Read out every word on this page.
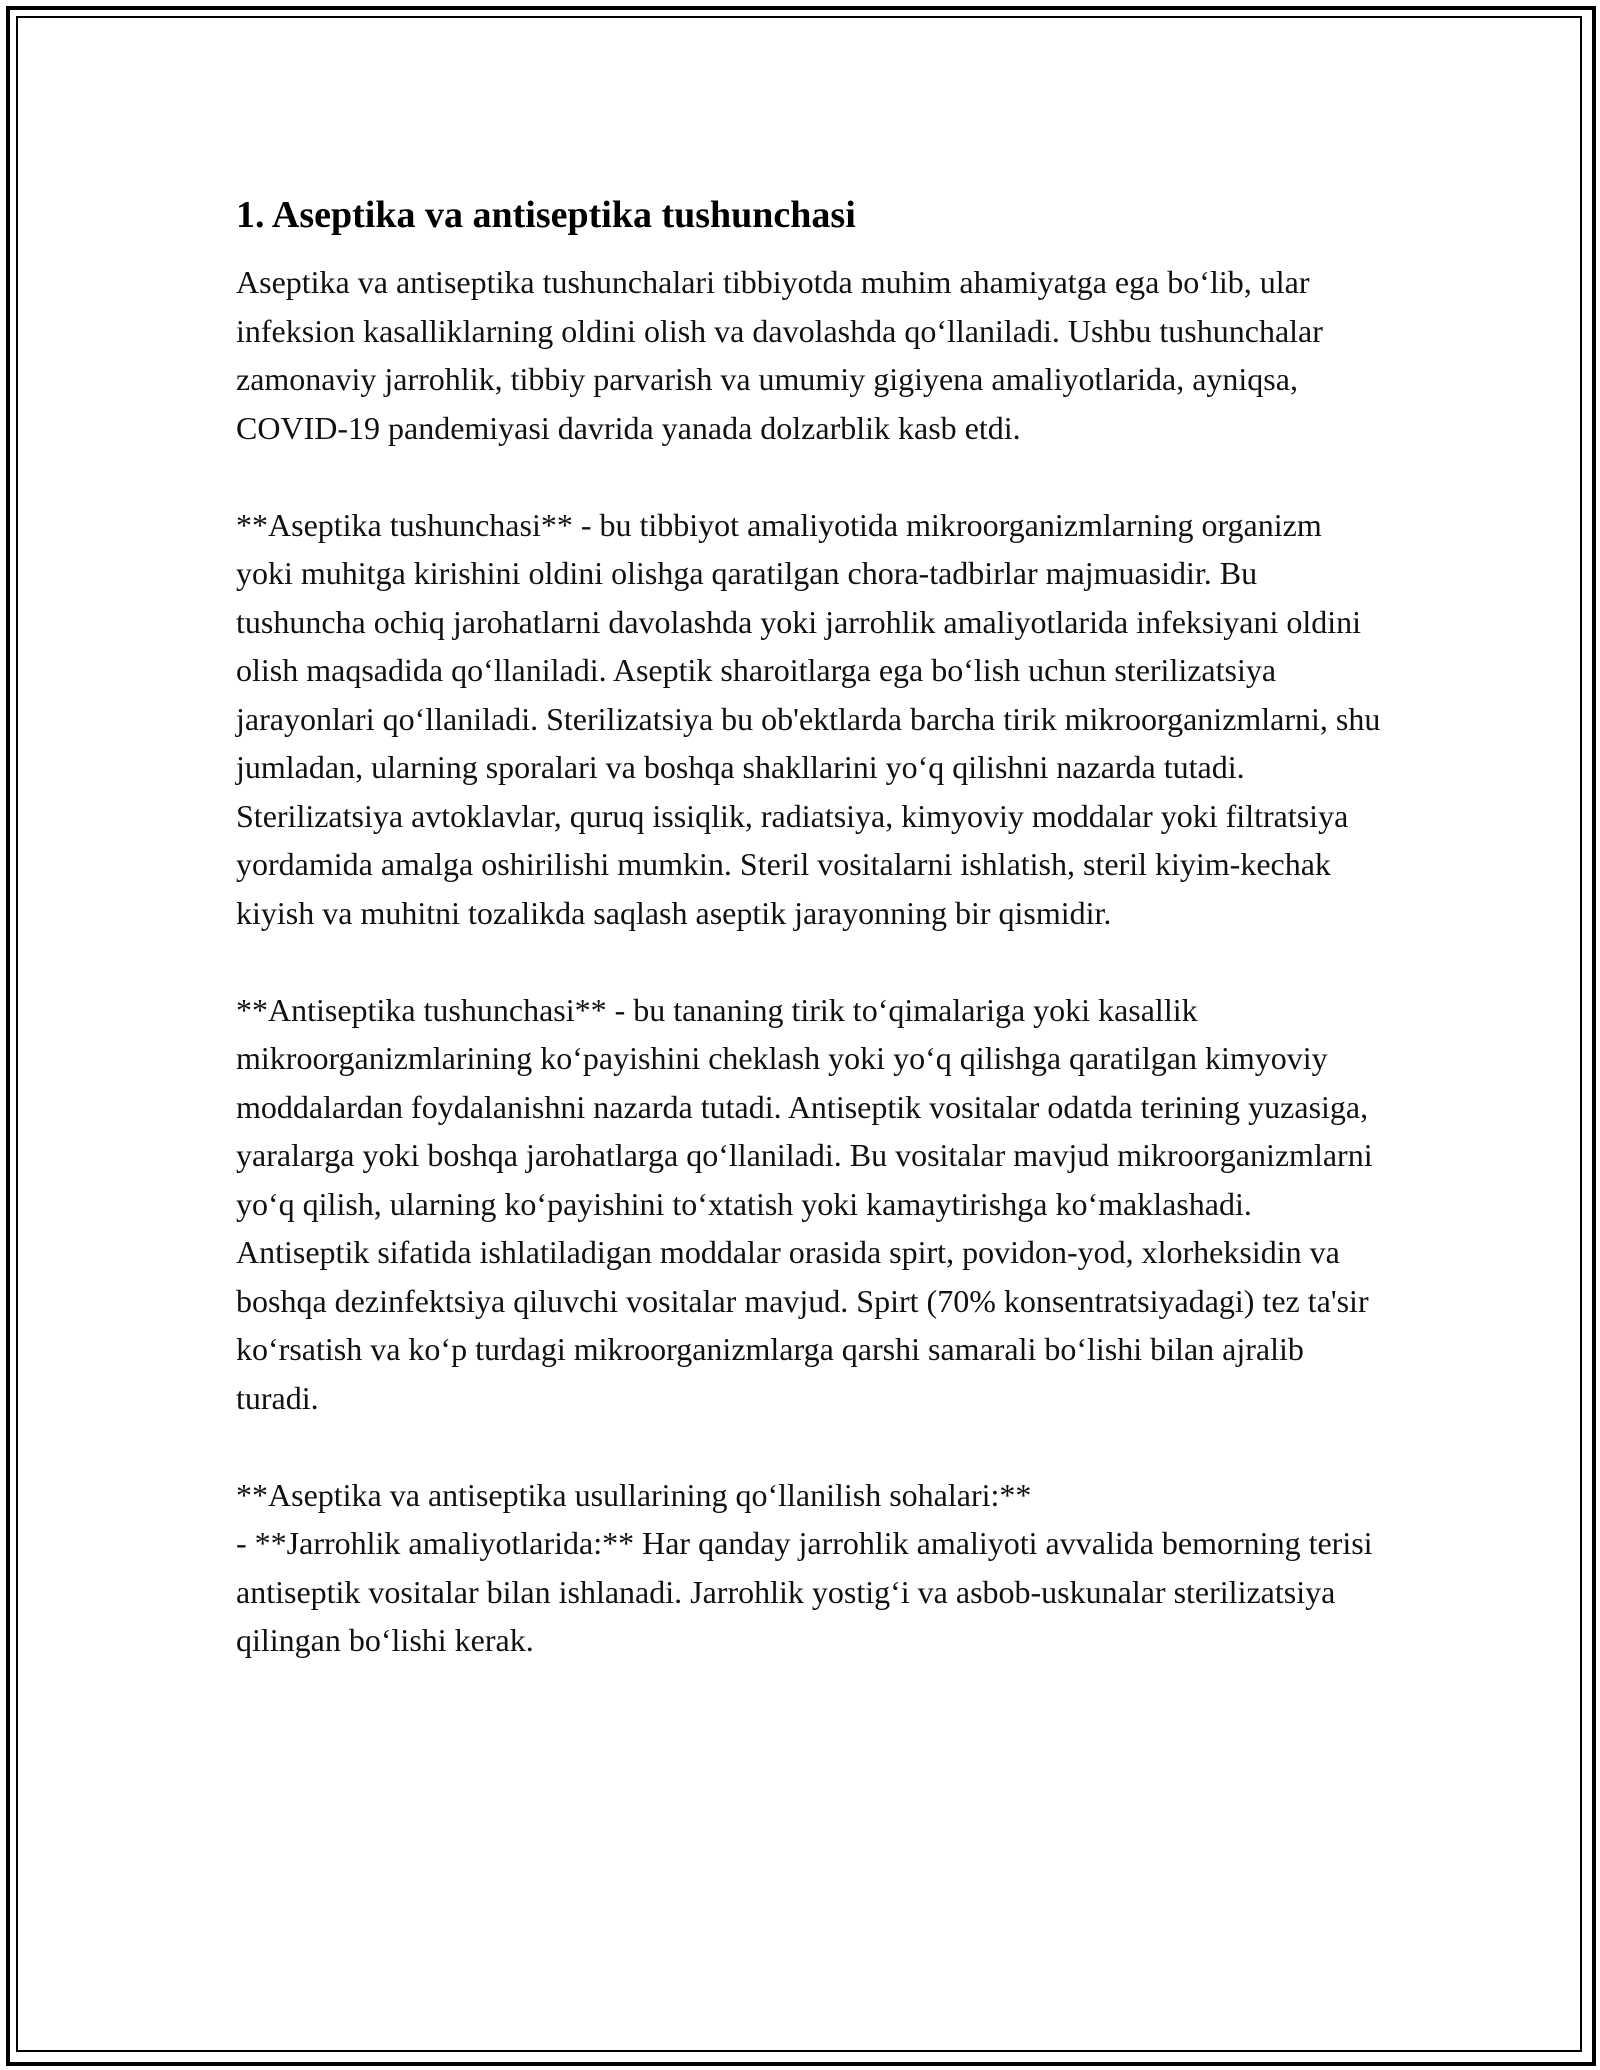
1. Aseptika va antiseptika tushunchasi

Aseptika va antiseptika tushunchalari tibbiyotda muhim ahamiyatga ega bo‘lib, ular infeksion kasalliklarning oldini olish va davolashda qo‘llaniladi. Ushbu tushunchalar zamonaviy jarrohlik, tibbiy parvarish va umumiy gigiyena amaliyotlarida, ayniqsa, COVID-19 pandemiyasi davrida yanada dolzarblik kasb etdi.

**Aseptika tushunchasi** - bu tibbiyot amaliyotida mikroorganizmlarning organizm yoki muhitga kirishini oldini olishga qaratilgan chora-tadbirlar majmuasidir. Bu tushuncha ochiq jarohatlarni davolashda yoki jarrohlik amaliyotlarida infeksiyani oldini olish maqsadida qo‘llaniladi. Aseptik sharoitlarga ega bo‘lish uchun sterilizatsiya jarayonlari qo‘llaniladi. Sterilizatsiya bu ob'ektlarda barcha tirik mikroorganizmlarni, shu jumladan, ularning sporalari va boshqa shakllarini yo‘q qilishni nazarda tutadi. Sterilizatsiya avtoklavlar, quruq issiqlik, radiatsiya, kimyoviy moddalar yoki filtratsiya yordamida amalga oshirilishi mumkin. Steril vositalarni ishlatish, steril kiyim-kechak kiyish va muhitni tozalikda saqlash aseptik jarayonning bir qismidir.

**Antiseptika tushunchasi** - bu tananing tirik to‘qimalariga yoki kasallik mikroorganizmlarining ko‘payishini cheklash yoki yo‘q qilishga qaratilgan kimyoviy moddalardan foydalanishni nazarda tutadi. Antiseptik vositalar odatda terining yuzasiga, yaralarga yoki boshqa jarohatlarga qo‘llaniladi. Bu vositalar mavjud mikroorganizmlarni yo‘q qilish, ularning ko‘payishini to‘xtatish yoki kamaytirishga ko‘maklashadi. Antiseptik sifatida ishlatiladigan moddalar orasida spirt, povidon-yod, xlorheksidin va boshqa dezinfektsiya qiluvchi vositalar mavjud. Spirt (70% konsentratsiyadagi) tez ta'sir ko‘rsatish va ko‘p turdagi mikroorganizmlarga qarshi samarali bo‘lishi bilan ajralib turadi.

**Aseptika va antiseptika usullarining qo‘llanilish sohalari:**

- **Jarrohlik amaliyotlarida:** Har qanday jarrohlik amaliyoti avvalida bemorning terisi antiseptik vositalar bilan ishlanadi. Jarrohlik yostig‘i va asbob-uskunalar sterilizatsiya qilingan bo‘lishi kerak.
